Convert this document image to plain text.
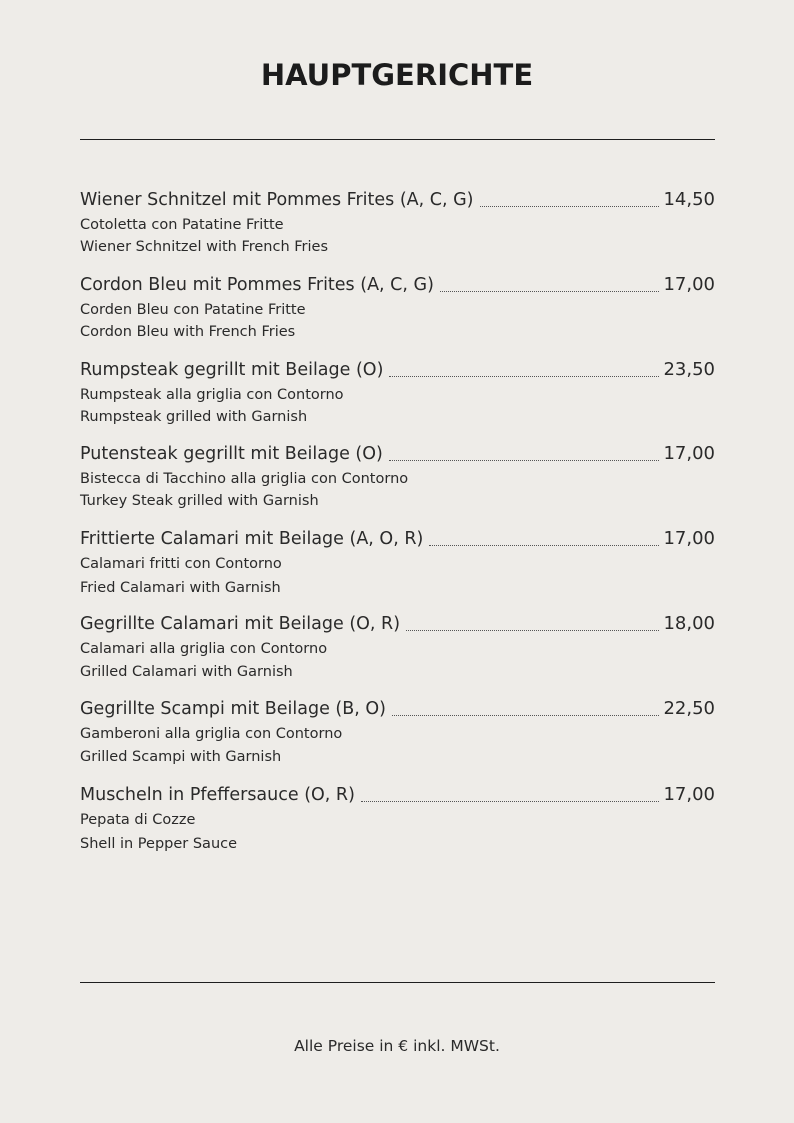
HAUPTGERICHTE
Wiener Schnitzel mit Pommes Frites (A, C, G)	14,50
Cotoletta con Patatine Fritte
Wiener Schnitzel with French Fries
Cordon Bleu mit Pommes Frites (A, C, G)	17,00
Corden Bleu con Patatine Fritte
Cordon Bleu with French Fries
Rumpsteak gegrillt mit Beilage (O)	23,50
Rumpsteak alla griglia con Contorno
Rumpsteak grilled with Garnish
Putensteak gegrillt mit Beilage (O)	17,00
Bistecca di Tacchino alla griglia con Contorno
Turkey Steak grilled with Garnish
Frittierte Calamari mit Beilage (A, O, R)	17,00
Calamari fritti con Contorno
Fried Calamari with Garnish
Gegrillte Calamari mit Beilage (O, R)	18,00
Calamari alla griglia con Contorno
Grilled Calamari with Garnish
Gegrillte Scampi mit Beilage (B, O)	22,50
Gamberoni alla griglia con Contorno
Grilled Scampi with Garnish
Muscheln in Pfeffersauce (O, R)	17,00
Pepata di Cozze
Shell in Pepper Sauce
Alle Preise in € inkl. MWSt.
